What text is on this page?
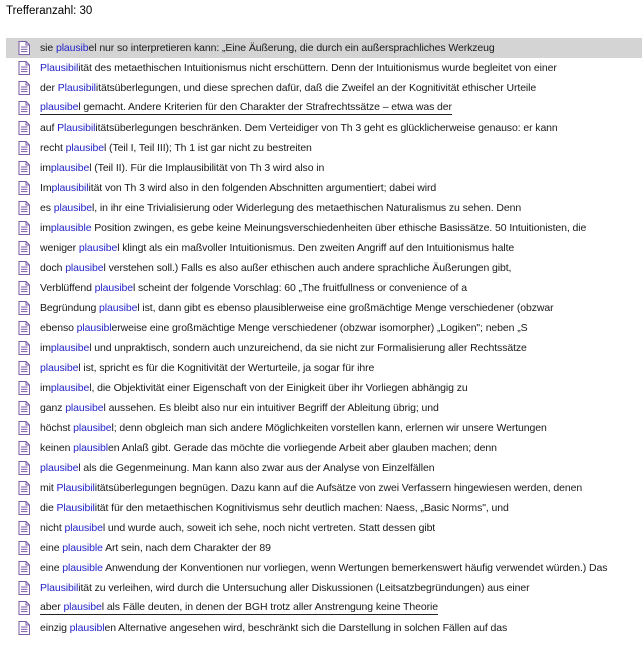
Trefferanzahl: 30
sie plausibel nur so interpretieren kann: „Eine Äußerung, die durch ein außersprachliches Werkzeug
Plausibilität des metaethischen Intuitionismus nicht erschüttern. Denn der Intuitionismus wurde begleitet von einer
der Plausibilitätsüberlegungen, und diese sprechen dafür, daß die Zweifel an der Kognitivität ethischer Urteile
plausibel gemacht. Andere Kriterien für den Charakter der Strafrechtssätze – etwa was der
auf Plausibilitätsüberlegungen beschränken. Dem Verteidiger von Th 3 geht es glücklicherweise genauso: er kann
recht plausibel (Teil I, Teil III); Th 1 ist gar nicht zu bestreiten
implausibel (Teil II). Für die Implausibilität von Th 3 wird also in
Implausibilität von Th 3 wird also in den folgenden Abschnitten argumentiert; dabei wird
es plausibel, in ihr eine Trivialisierung oder Widerlegung des metaethischen Naturalismus zu sehen. Denn
implausible Position zwingen, es gebe keine Meinungsverschiedenheiten über ethische Basissätze. 50 Intuitionisten, die
weniger plausibel klingt als ein maßvoller Intuitionismus. Den zweiten Angriff auf den Intuitionismus halte
doch plausibel verstehen soll.) Falls es also außer ethischen auch andere sprachliche Äußerungen gibt,
Verblüffend plausibel scheint der folgende Vorschlag: 60 „The fruitfullness or convenience of a
Begründung plausibel ist, dann gibt es ebenso plausiblerweise eine großmächtige Menge verschiedener (obzwar
ebenso plausiblerweise eine großmächtige Menge verschiedener (obzwar isomorpher) „Logiken"; neben „S
implausibel und unpraktisch, sondern auch unzureichend, da sie nicht zur Formalisierung aller Rechtssätze
plausibel ist, spricht es für die Kognitivität der Werturteile, ja sogar für ihre
implausibel, die Objektivität einer Eigenschaft von der Einigkeit über ihr Vorliegen abhängig zu
ganz plausibel aussehen. Es bleibt also nur ein intuitiver Begriff der Ableitung übrig; und
höchst plausibel; denn obgleich man sich andere Möglichkeiten vorstellen kann, erlernen wir unsere Wertungen
keinen plausiblen Anlaß gibt. Gerade das möchte die vorliegende Arbeit aber glauben machen; denn
plausibel als die Gegenmeinung. Man kann also zwar aus der Analyse von Einzelfällen
mit Plausibilitätsüberlegungen begnügen. Dazu kann auf die Aufsätze von zwei Verfassern hingewiesen werden, denen
die Plausibilität für den metaethischen Kognitivismus sehr deutlich machen: Naess, „Basic Norms", und
nicht plausibel und wurde auch, soweit ich sehe, noch nicht vertreten. Statt dessen gibt
eine plausible Art sein, nach dem Charakter der 89
eine plausible Anwendung der Konventionen nur vorliegen, wenn Wertungen bemerkenswert häufig verwendet würden.) Das
Plausibilität zu verleihen, wird durch die Untersuchung aller Diskussionen (Leitsatzbegründungen) aus einer
aber plausibel als Fälle deuten, in denen der BGH trotz aller Anstrengung keine Theorie
einzig plausiblen Alternative angesehen wird, beschränkt sich die Darstellung in solchen Fällen auf das
